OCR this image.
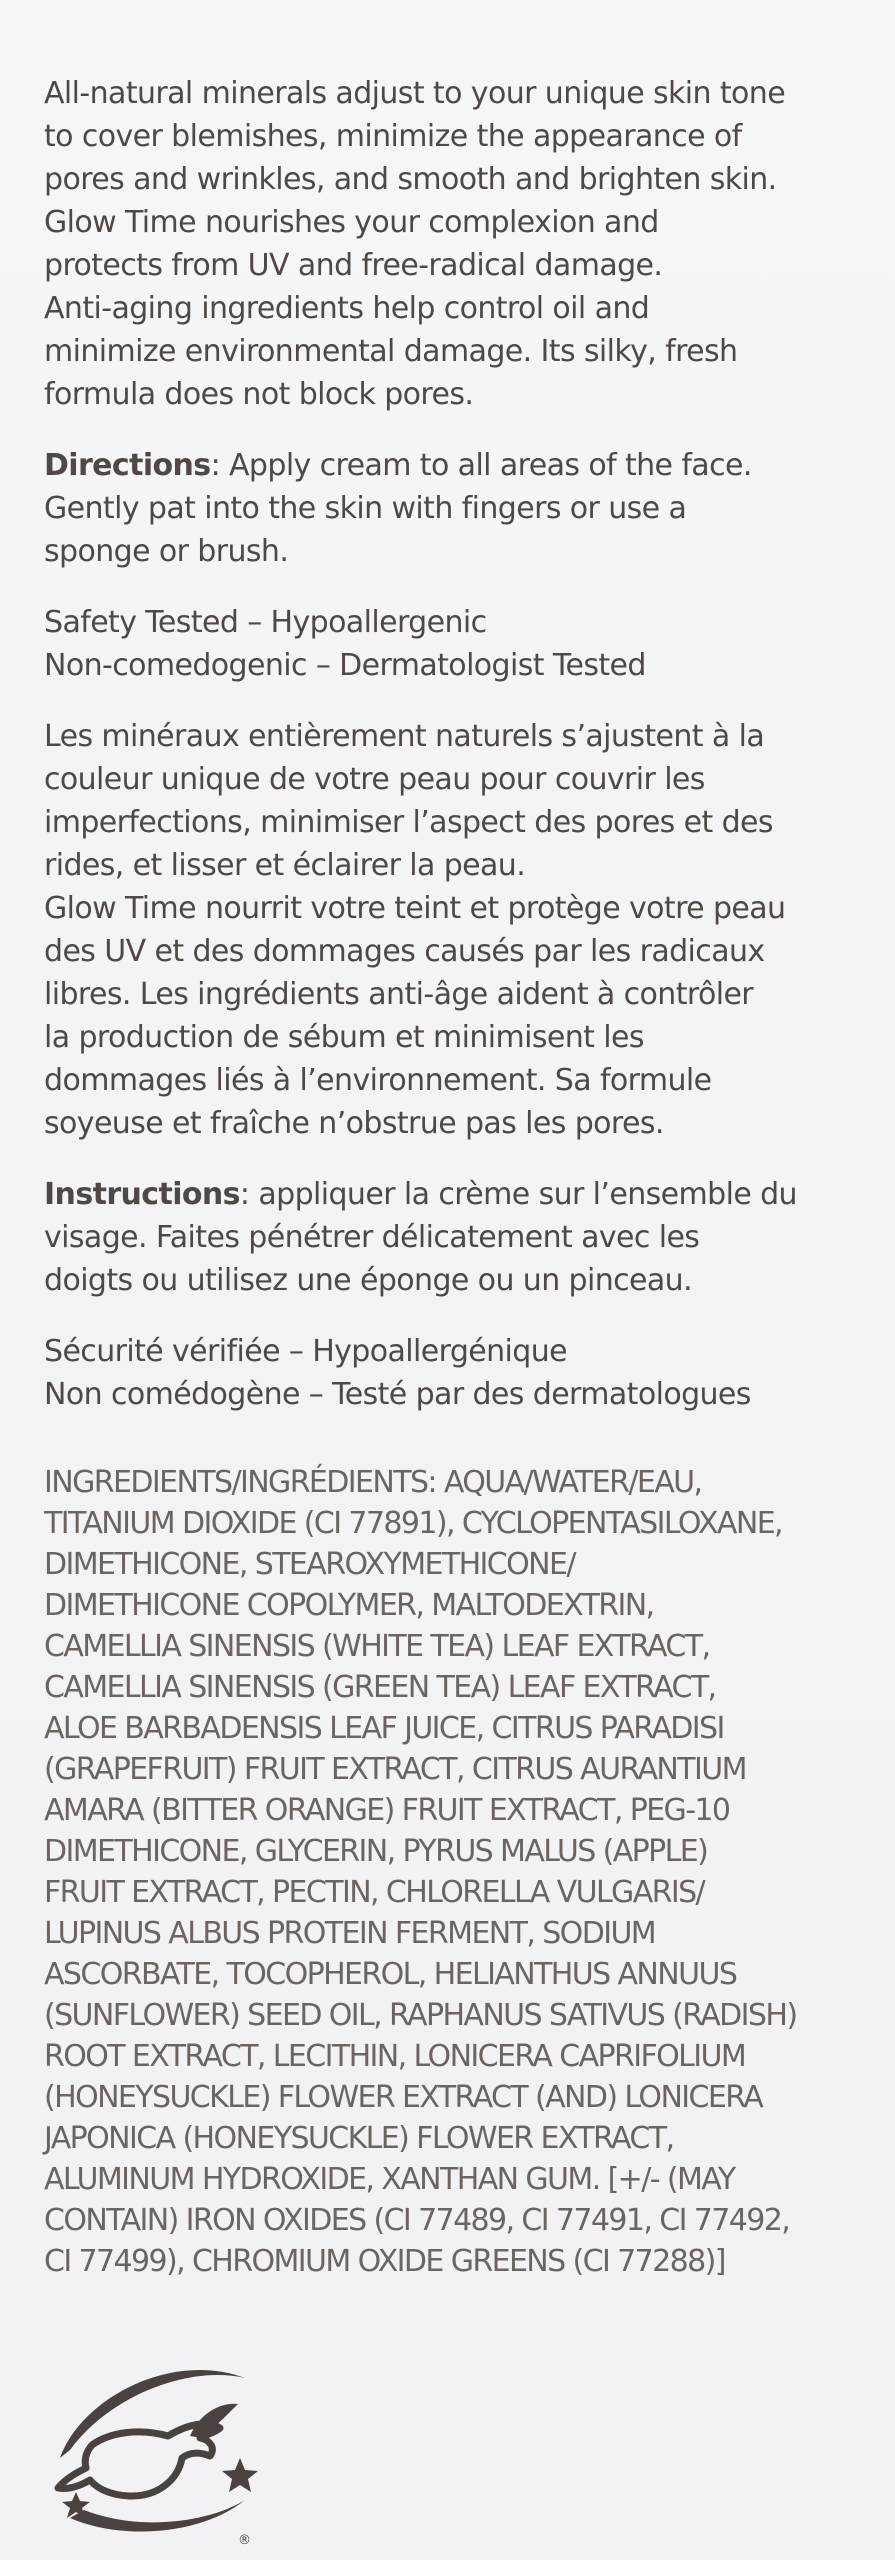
All-natural minerals adjust to your unique skin tone
to cover blemishes, minimize the appearance of
pores and wrinkles, and smooth and brighten skin.
Glow Time nourishes your complexion and
protects from UV and free-radical damage.
Anti-aging ingredients help control oil and
minimize environmental damage. Its silky, fresh
formula does not block pores.

Directions: Apply cream to all areas of the face.
Gently pat into the skin with fingers or use a
sponge or brush.

Safety Tested – Hypoallergenic
Non-comedogenic – Dermatologist Tested

Les minéraux entièrement naturels s’ajustent à la
couleur unique de votre peau pour couvrir les
imperfections, minimiser l’aspect des pores et des
rides, et lisser et éclairer la peau.
Glow Time nourrit votre teint et protège votre peau
des UV et des dommages causés par les radicaux
libres. Les ingrédients anti-âge aident à contrôler
la production de sébum et minimisent les
dommages liés à l’environnement. Sa formule
soyeuse et fraîche n’obstrue pas les pores.

Instructions: appliquer la crème sur l’ensemble du
visage. Faites pénétrer délicatement avec les
doigts ou utilisez une éponge ou un pinceau.

Sécurité vérifiée – Hypoallergénique
Non comédogène – Testé par des dermatologues

INGREDIENTS/INGRÉDIENTS: AQUA/WATER/EAU,
TITANIUM DIOXIDE (CI 77891), CYCLOPENTASILOXANE,
DIMETHICONE, STEAROXYMETHICONE/
DIMETHICONE COPOLYMER, MALTODEXTRIN,
CAMELLIA SINENSIS (WHITE TEA) LEAF EXTRACT,
CAMELLIA SINENSIS (GREEN TEA) LEAF EXTRACT,
ALOE BARBADENSIS LEAF JUICE, CITRUS PARADISI
(GRAPEFRUIT) FRUIT EXTRACT, CITRUS AURANTIUM
AMARA (BITTER ORANGE) FRUIT EXTRACT, PEG-10
DIMETHICONE, GLYCERIN, PYRUS MALUS (APPLE)
FRUIT EXTRACT, PECTIN, CHLORELLA VULGARIS/
LUPINUS ALBUS PROTEIN FERMENT, SODIUM
ASCORBATE, TOCOPHEROL, HELIANTHUS ANNUUS
(SUNFLOWER) SEED OIL, RAPHANUS SATIVUS (RADISH)
ROOT EXTRACT, LECITHIN, LONICERA CAPRIFOLIUM
(HONEYSUCKLE) FLOWER EXTRACT (AND) LONICERA
JAPONICA (HONEYSUCKLE) FLOWER EXTRACT,
ALUMINUM HYDROXIDE, XANTHAN GUM. [+/- (MAY
CONTAIN) IRON OXIDES (CI 77489, CI 77491, CI 77492,
CI 77499), CHROMIUM OXIDE GREENS (CI 77288)]
®
